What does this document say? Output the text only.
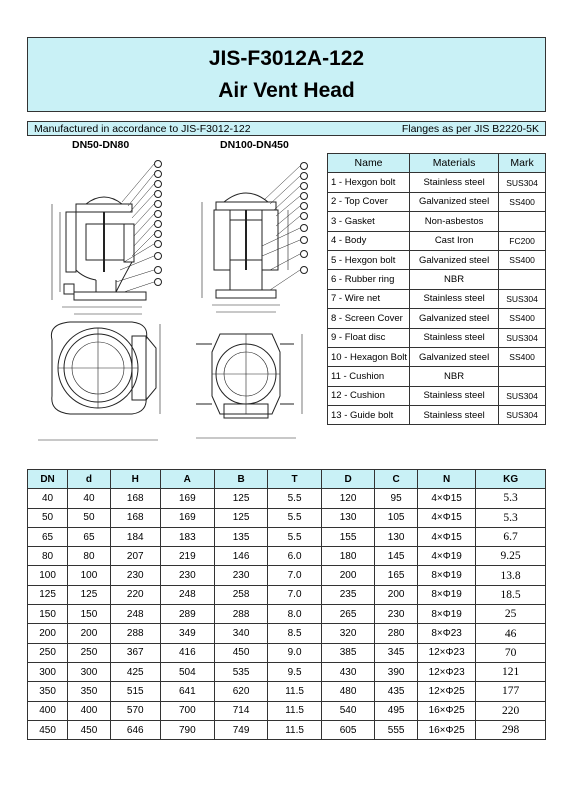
JIS-F3012A-122
Air Vent Head
Manufactured in accordance to JIS-F3012-122	Flanges as per JIS B2220-5K
DN50-DN80	DN100-DN450
Name	Materials	Mark
1 - Hexgon bolt	Stainless steel	SUS304
2 - Top Cover	Galvanized steel	SS400
3 - Gasket	Non-asbestos	
4 - Body	Cast Iron	FC200
5 - Hexgon bolt	Galvanized steel	SS400
6 - Rubber ring	NBR	
7 - Wire net	Stainless steel	SUS304
8 - Screen Cover	Galvanized steel	SS400
9 - Float disc	Stainless steel	SUS304
10 - Hexagon Bolt	Galvanized steel	SS400
11 - Cushion	NBR	
12 - Cushion	Stainless steel	SUS304
13 - Guide bolt	Stainless steel	SUS304
DN	d	H	A	B	T	D	C	N	KG
40	40	168	169	125	5.5	120	95	4×Φ15	5.3
50	50	168	169	125	5.5	130	105	4×Φ15	5.3
65	65	184	183	135	5.5	155	130	4×Φ15	6.7
80	80	207	219	146	6.0	180	145	4×Φ19	9.25
100	100	230	230	230	7.0	200	165	8×Φ19	13.8
125	125	220	248	258	7.0	235	200	8×Φ19	18.5
150	150	248	289	288	8.0	265	230	8×Φ19	25
200	200	288	349	340	8.5	320	280	8×Φ23	46
250	250	367	416	450	9.0	385	345	12×Φ23	70
300	300	425	504	535	9.5	430	390	12×Φ23	121
350	350	515	641	620	11.5	480	435	12×Φ25	177
400	400	570	700	714	11.5	540	495	16×Φ25	220
450	450	646	790	749	11.5	605	555	16×Φ25	298
